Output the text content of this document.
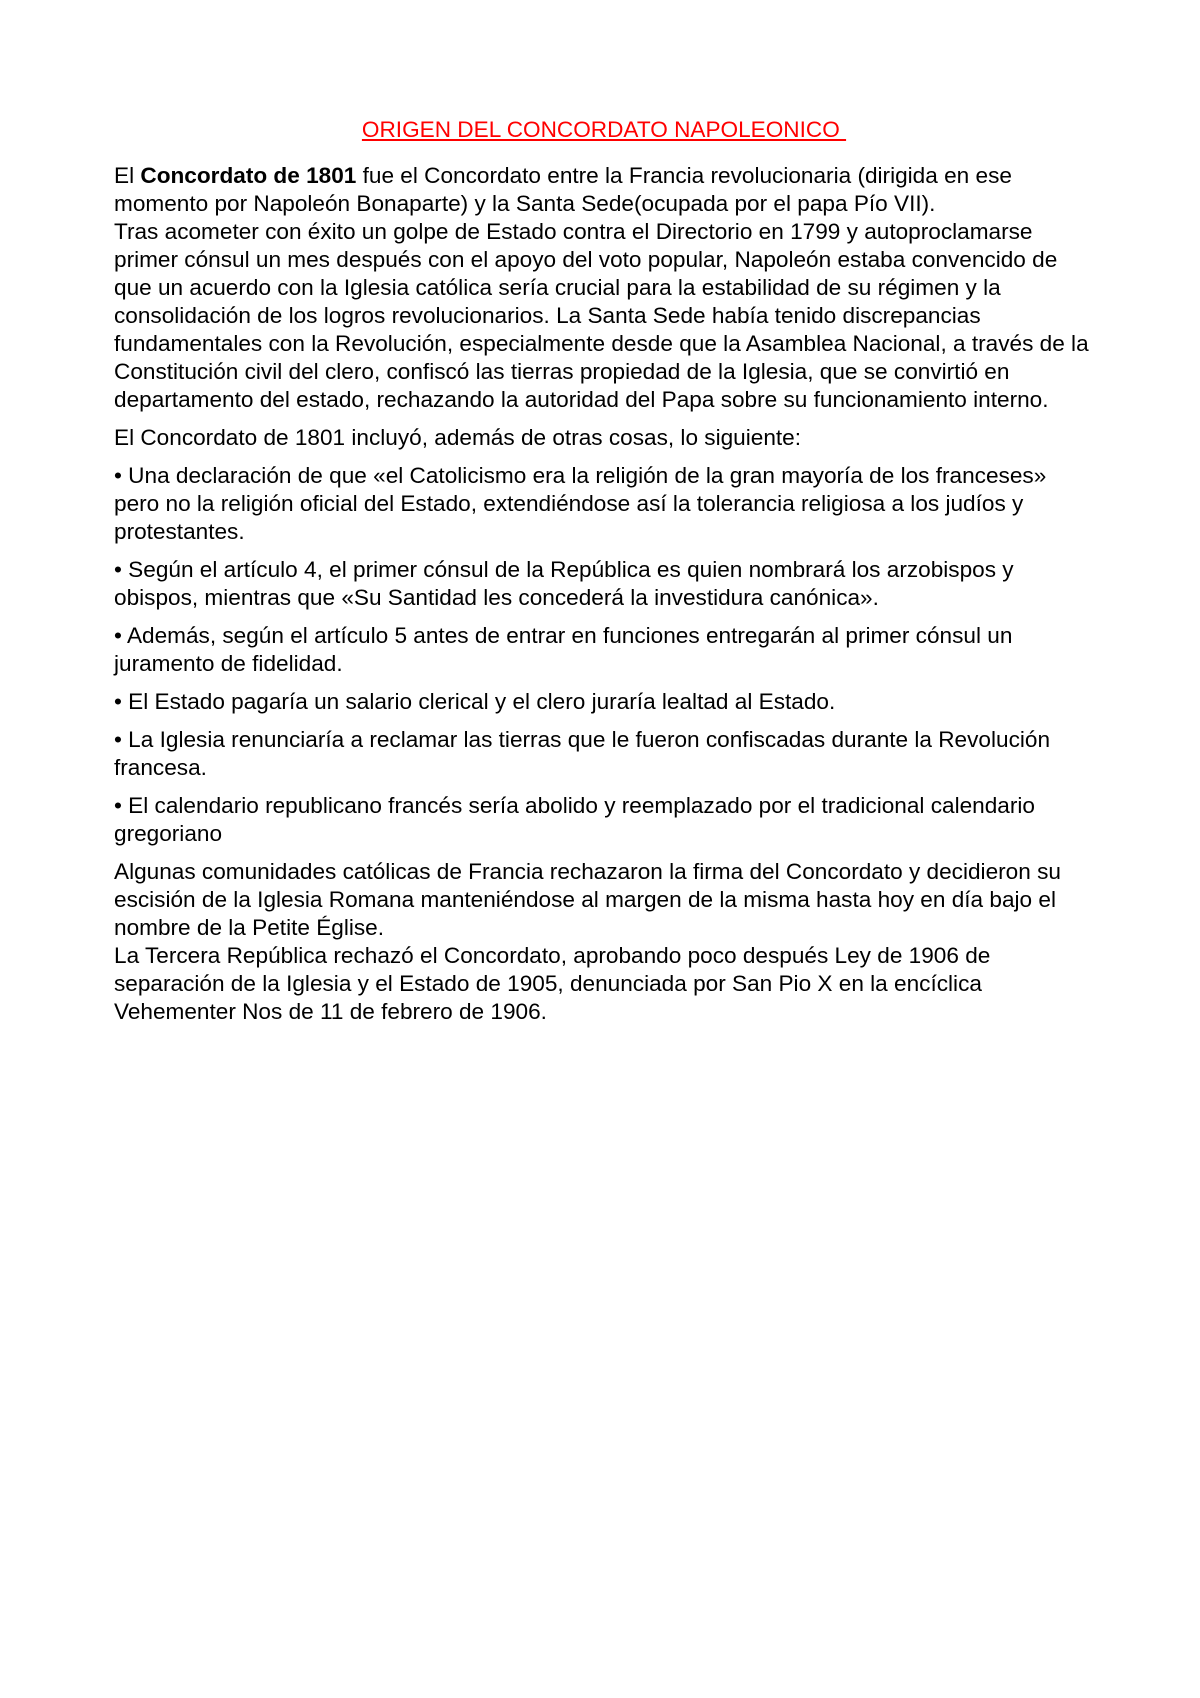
ORIGEN DEL CONCORDATO NAPOLEONICO

El Concordato de 1801 fue el Concordato entre la Francia revolucionaria (dirigida en ese momento por Napoleón Bonaparte) y la Santa Sede(ocupada por el papa Pío VII).

Tras acometer con éxito un golpe de Estado contra el Directorio en 1799 y autoproclamarse primer cónsul un mes después con el apoyo del voto popular, Napoleón estaba convencido de que un acuerdo con la Iglesia católica sería crucial para la estabilidad de su régimen y la consolidación de los logros revolucionarios. La Santa Sede había tenido discrepancias fundamentales con la Revolución, especialmente desde que la Asamblea Nacional, a través de la Constitución civil del clero, confiscó las tierras propiedad de la Iglesia, que se convirtió en departamento del estado, rechazando la autoridad del Papa sobre su funcionamiento interno.

El Concordato de 1801 incluyó, además de otras cosas, lo siguiente:

• Una declaración de que «el Catolicismo era la religión de la gran mayoría de los franceses» pero no la religión oficial del Estado, extendiéndose así la tolerancia religiosa a los judíos y protestantes.

• Según el artículo 4, el primer cónsul de la República es quien nombrará los arzobispos y obispos, mientras que «Su Santidad les concederá la investidura canónica».

• Además, según el artículo 5 antes de entrar en funciones entregarán al primer cónsul un juramento de fidelidad.

• El Estado pagaría un salario clerical y el clero juraría lealtad al Estado.

• La Iglesia renunciaría a reclamar las tierras que le fueron confiscadas durante la Revolución francesa.

• El calendario republicano francés sería abolido y reemplazado por el tradicional calendario gregoriano

Algunas comunidades católicas de Francia rechazaron la firma del Concordato y decidieron su escisión de la Iglesia Romana manteniéndose al margen de la misma hasta hoy en día bajo el nombre de la Petite Église.

La Tercera República rechazó el Concordato, aprobando poco después Ley de 1906 de separación de la Iglesia y el Estado de 1905, denunciada por San Pio X en la encíclica Vehementer Nos de 11 de febrero de 1906.
